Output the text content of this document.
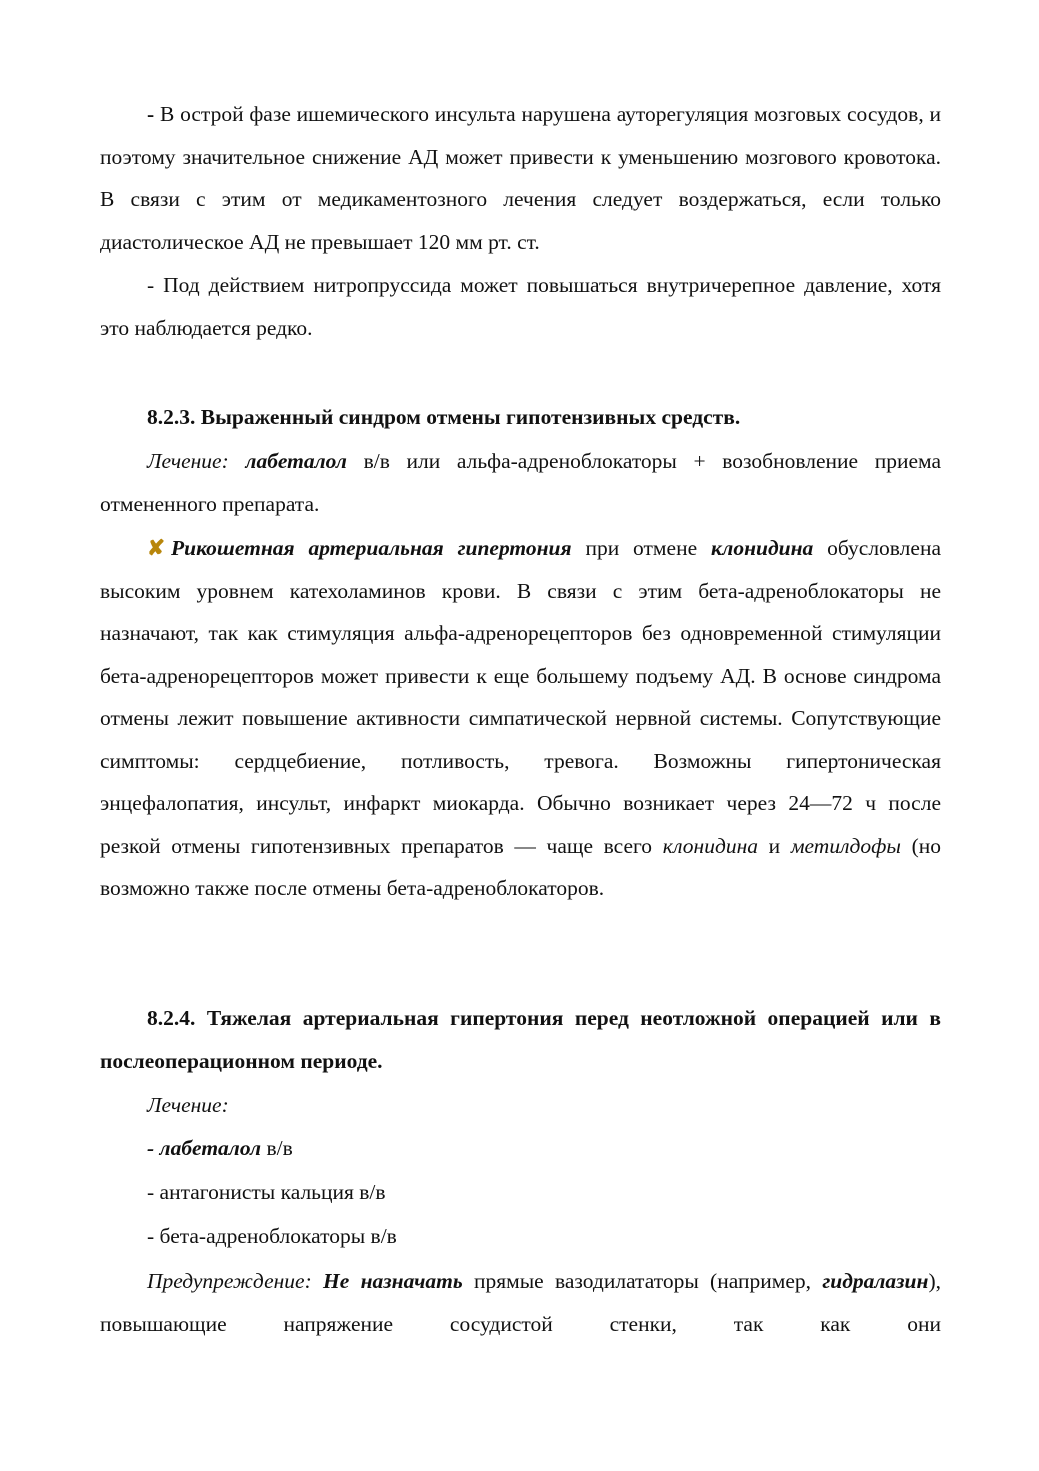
- В острой фазе ишемического инсульта нарушена ауторегуляция мозговых сосудов, и поэтому значительное снижение АД может привести к уменьшению мозгового кровотока. В связи с этим от медикаментозного лечения следует воздержаться, если только диастолическое АД не превышает 120 мм рт. ст.

- Под действием нитропруссида может повышаться внутричерепное давление, хотя это наблюдается редко.

8.2.3. Выраженный синдром отмены гипотензивных средств.

Лечение: лабеталол в/в или альфа-адреноблокаторы + возобновление приема отмененного препарата.

✘ Рикошетная артериальная гипертония при отмене клонидина обусловлена высоким уровнем катехоламинов крови. В связи с этим бета-адреноблокаторы не назначают, так как стимуляция альфа-адренорецепторов без одновременной стимуляции бета-адренорецепторов может привести к еще большему подъему АД. В основе синдрома отмены лежит повышение активности симпатической нервной системы. Сопутствующие симптомы: сердцебиение, потливость, тревога. Возможны гипертоническая энцефалопатия, инсульт, инфаркт миокарда. Обычно возникает через 24—72 ч после резкой отмены гипотензивных препаратов — чаще всего клонидина и метилдофы (но возможно также после отмены бета-адреноблокаторов.

8.2.4. Тяжелая артериальная гипертония перед неотложной операцией или в послеоперационном периоде.

Лечение:
- лабеталол в/в
- антагонисты кальция в/в
- бета-адреноблокаторы в/в

Предупреждение: Не назначать прямые вазодилататоры (например, гидралазин), повышающие напряжение сосудистой стенки, так как они
